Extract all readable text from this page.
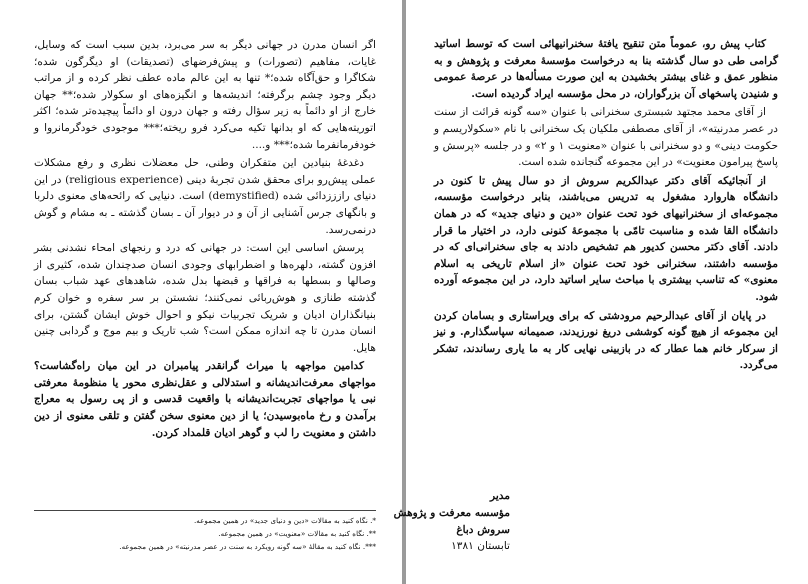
اگر انسان مدرن در جهانی دیگر به سر می‌برد، بدین سبب است که وسایل، غایات، مفاهیم (تصورات) و پیش‌فرضهای (تصدیقات) او دیگرگون شده؛ شکاگرا و حق‌آگاه شده؛* تنها به این عالم ماده عطف نظر کرده و از مراتب دیگر وجود چشم برگرفته؛ اندیشه‌ها و انگیزه‌های او سکولار شده؛** جهان خارج از او دائماً به زیر سؤال رفته و جهان درون او دائماً پیچیده‌تر شده؛ اکثر اتوریته‌هایی که او بدانها تکیه می‌کرد فرو ریخته؛*** موجودی خودگرمانروا و خودفرمانفرما شده؛*** و....

دغدغهٔ بنیادین این متفکران وطنی، حل معضلات نظری و رفع مشکلات عملی پیش‌رو برای محقق شدن تجربهٔ دینی (religious experience) در این دنیای رازززدائی شده (demystified) است. دنیایی که رائحه‌های معنوی دلربا و بانگهای جرس آشنایی از آن و در دیوار آن ـ بسان گذشته ـ به مشام و گوش درنمی‌رسد.

پرسش اساسی این است: در جهانی که درد و رنجهای امحاء نشدنی بشر افزون گشته، دلهره‌ها و اضطرابهای وجودی انسان صدچندان شده، کثیری از وصالها و بسطها به فراقها و قبضها بدل شده، شاهدهای عهد شباب بسان گذشته طنازی و هوش‌ربائی نمی‌کنند؛ نشستن بر سر سفره و خوان کرم بنیانگذاران ادیان و شریک تجربیات نیکو و احوال خوش ایشان گشتن، برای انسان مدرن تا چه اندازه ممکن است؟ شب تاریک و بیم موج و گردابی چنین هایل.

کدامین مواجهه با میراث گرانقدر پیامبران در این میان راه‌گشاست؟ مواجهای معرفت‌اندیشانه و استدلالی و عقل‌نظری محور یا منظومهٔ معرفتی نبی یا مواجهای تجربت‌اندیشانه با واقعیت قدسی و از پی رسول به معراج برآمدن و رخ ماه‌بوسیدن؛ یا از دین معنوی سخن گفتن و تلقی معنوی از دین داشتن و معنویت را لب و گوهر ادیان قلمداد کردن.

*. نگاه کنید به مقالات «دین و دنیای جدید» در همین مجموعه.

**. نگاه کنید به مقالات «معنویت» در همین مجموعه.

***. نگاه کنید به مقالهٔ «سه گونه رویکرد به سنت در عصر مدرنیته» در همین مجموعه.

کتاب پیش رو، عموماً متن تنقیح یافتهٔ سخنرانیهائی است که توسط اساتید گرامی طی دو سال گذشته بنا به درخواست مؤسسهٔ معرفت و پژوهش و به منظور عمق و غنای بیشتر بخشیدن به این صورت مسأله‌ها در عرصهٔ عمومی و شنیدن پاسخهای آن بزرگواران، در محل مؤسسه ایراد گردیده است.

از آقای محمد مجتهد شبستری سخنرانی با عنوان «سه گونه قرائت از سنت در عصر مدرنیته»، از آقای مصطفی ملکیان یک سخنرانی با نام «سکولاریسم و حکومت دینی» و دو سخنرانی با عنوان «معنویت ۱ و ۲» و در جلسه «پرسش و پاسخ پیرامون معنویت» در این مجموعه گنجانده شده است.

از آنجائیکه آقای دکتر عبدالکریم سروش از دو سال پیش تا کنون در دانشگاه هاروارد مشغول به تدریس می‌باشند، بنابر درخواست مؤسسه، مجموعه‌ای از سخنرانیهای خود تحت عنوان «دین و دنیای جدید» که در همان دانشگاه القا شده و مناسبت تامّی با مجموعهٔ کنونی دارد، در اختیار ما قرار دادند. آقای دکتر محسن کدیور هم تشخیص دادند به جای سخنرانی‌ای که در مؤسسه داشتند، سخنرانی خود تحت عنوان «از اسلام تاریخی به اسلام معنوی» که تناسب بیشتری با مباحث سایر اساتید دارد، در این مجموعه آورده شود.

در پایان از آقای عبدالرحیم مرودشتی که برای ویراستاری و بسامان کردن این مجموعه از هیچ گونه کوششی دریغ نورزیدند، صمیمانه سپاسگذارم. و نیز از سرکار خانم هما عطار که در بازبینی نهایی کار به ما یاری رساندند، تشکر می‌گردد.

مدیر
مؤسسه معرفت و پژوهش
سروش دباغ
تابستان ۱۳۸۱
